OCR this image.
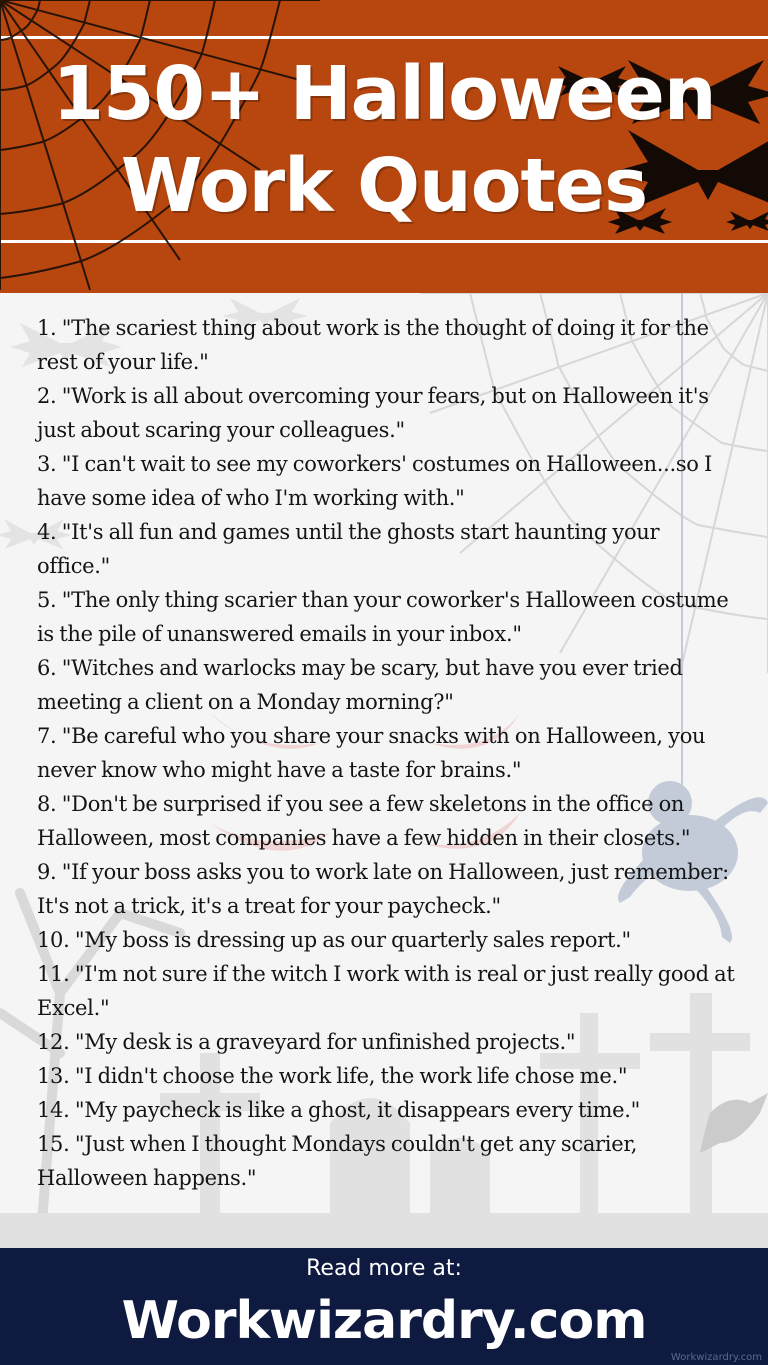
150+ Halloween
Work Quotes
1. "The scariest thing about work is the thought of doing it for the rest of your life."
2. "Work is all about overcoming your fears, but on Halloween it's just about scaring your colleagues."
3. "I can't wait to see my coworkers' costumes on Halloween...so I have some idea of who I'm working with."
4. "It's all fun and games until the ghosts start haunting your office."
5. "The only thing scarier than your coworker's Halloween costume is the pile of unanswered emails in your inbox."
6. "Witches and warlocks may be scary, but have you ever tried meeting a client on a Monday morning?"
7. "Be careful who you share your snacks with on Halloween, you never know who might have a taste for brains."
8. "Don't be surprised if you see a few skeletons in the office on Halloween, most companies have a few hidden in their closets."
9. "If your boss asks you to work late on Halloween, just remember: It's not a trick, it's a treat for your paycheck."
10. "My boss is dressing up as our quarterly sales report."
11. "I'm not sure if the witch I work with is real or just really good at Excel."
12. "My desk is a graveyard for unfinished projects."
13. "I didn't choose the work life, the work life chose me."
14. "My paycheck is like a ghost, it disappears every time."
15. "Just when I thought Mondays couldn't get any scarier, Halloween happens."
Read more at:
Workwizardry.com
Workwizardry.com
